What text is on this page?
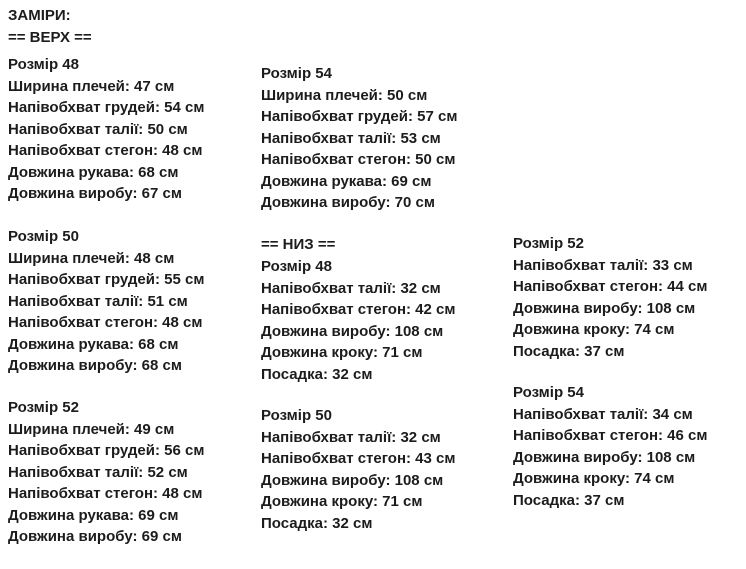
ЗАМІРИ:
== ВЕРХ ==
Розмір 48
Ширина плечей: 47 см
Напівобхват грудей: 54 см
Напівобхват талії: 50 см
Напівобхват стегон: 48 см
Довжина рукава: 68 см
Довжина виробу: 67 см
Розмір 50
Ширина плечей: 48 см
Напівобхват грудей: 55 см
Напівобхват талії: 51 см
Напівобхват стегон: 48 см
Довжина рукава: 68 см
Довжина виробу: 68 см
Розмір 52
Ширина плечей: 49 см
Напівобхват грудей: 56 см
Напівобхват талії: 52 см
Напівобхват стегон: 48 см
Довжина рукава: 69 см
Довжина виробу: 69 см
Розмір 54
Ширина плечей: 50 см
Напівобхват грудей: 57 см
Напівобхват талії: 53 см
Напівобхват стегон: 50 см
Довжина рукава: 69 см
Довжина виробу: 70 см
== НИЗ ==
Розмір 48
Напівобхват талії: 32 см
Напівобхват стегон: 42 см
Довжина виробу: 108 см
Довжина кроку: 71 см
Посадка: 32 см
Розмір 50
Напівобхват талії: 32 см
Напівобхват стегон: 43 см
Довжина виробу: 108 см
Довжина кроку: 71 см
Посадка: 32 см
Розмір 52
Напівобхват талії: 33 см
Напівобхват стегон: 44 см
Довжина виробу: 108 см
Довжина кроку: 74 см
Посадка: 37 см
Розмір 54
Напівобхват талії: 34 см
Напівобхват стегон: 46 см
Довжина виробу: 108 см
Довжина кроку: 74 см
Посадка: 37 см
